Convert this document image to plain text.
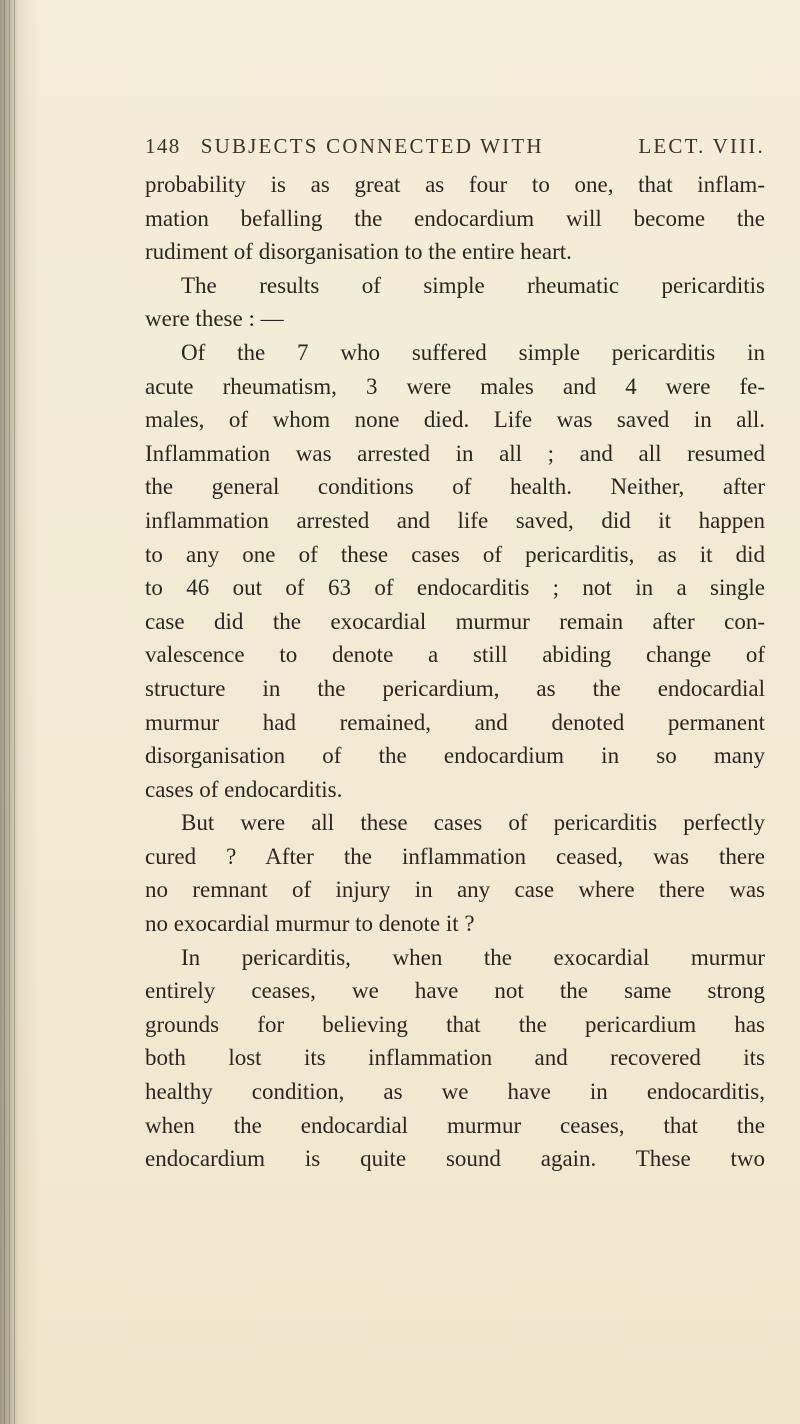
148 SUBJECTS CONNECTED WITH	LECT. VIII.
probability is as great as four to one, that inflam-
mation befalling the endocardium will become the
rudiment of disorganisation to the entire heart.
The results of simple rheumatic pericarditis
were these : —
Of the 7 who suffered simple pericarditis in
acute rheumatism, 3 were males and 4 were fe-
males, of whom none died. Life was saved in all.
Inflammation was arrested in all ; and all resumed
the general conditions of health. Neither, after
inflammation arrested and life saved, did it happen
to any one of these cases of pericarditis, as it did
to 46 out of 63 of endocarditis ; not in a single
case did the exocardial murmur remain after con-
valescence to denote a still abiding change of
structure in the pericardium, as the endocardial
murmur had remained, and denoted permanent
disorganisation of the endocardium in so many
cases of endocarditis.
But were all these cases of pericarditis perfectly
cured ? After the inflammation ceased, was there
no remnant of injury in any case where there was
no exocardial murmur to denote it ?
In pericarditis, when the exocardial murmur
entirely ceases, we have not the same strong
grounds for believing that the pericardium has
both lost its inflammation and recovered its
healthy condition, as we have in endocarditis,
when the endocardial murmur ceases, that the
endocardium is quite sound again. These two
